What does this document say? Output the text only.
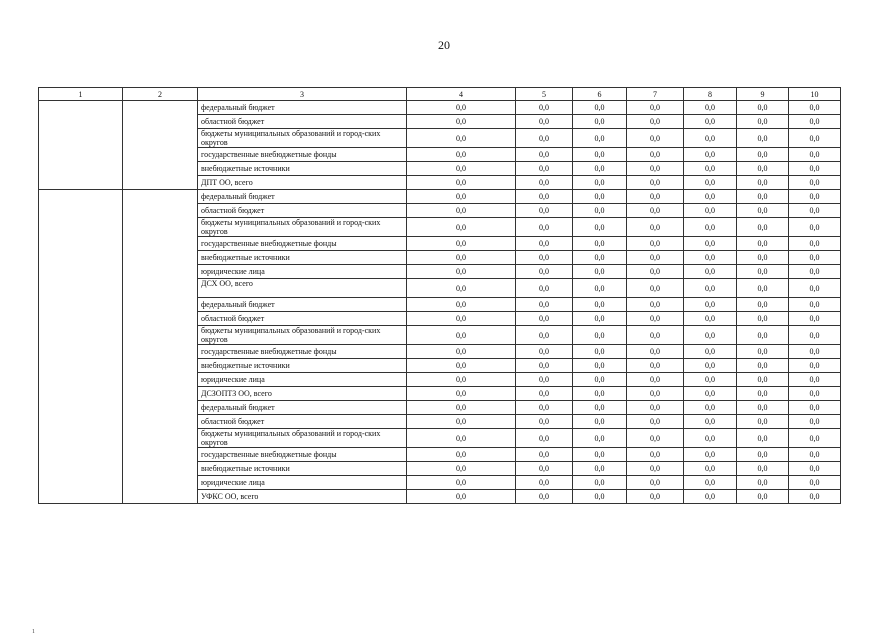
20
1	2	3	4	5	6	7	8	9	10
		федеральный бюджет	0,0	0,0	0,0	0,0	0,0	0,0	0,0
		областной бюджет	0,0	0,0	0,0	0,0	0,0	0,0	0,0
		бюджеты муниципальных образований и город-ских округов	0,0	0,0	0,0	0,0	0,0	0,0	0,0
		государственные внебюджетные фонды	0,0	0,0	0,0	0,0	0,0	0,0	0,0
		внебюджетные источники	0,0	0,0	0,0	0,0	0,0	0,0	0,0
		ДПТ ОО, всего	0,0	0,0	0,0	0,0	0,0	0,0	0,0
		федеральный бюджет	0,0	0,0	0,0	0,0	0,0	0,0	0,0
		областной бюджет	0,0	0,0	0,0	0,0	0,0	0,0	0,0
		бюджеты муниципальных образований и город-ских округов	0,0	0,0	0,0	0,0	0,0	0,0	0,0
		государственные внебюджетные фонды	0,0	0,0	0,0	0,0	0,0	0,0	0,0
		внебюджетные источники	0,0	0,0	0,0	0,0	0,0	0,0	0,0
		юридические лица	0,0	0,0	0,0	0,0	0,0	0,0	0,0
		ДСХ ОО, всего	0,0	0,0	0,0	0,0	0,0	0,0	0,0
		федеральный бюджет	0,0	0,0	0,0	0,0	0,0	0,0	0,0
		областной бюджет	0,0	0,0	0,0	0,0	0,0	0,0	0,0
		бюджеты муниципальных образований и город-ских округов	0,0	0,0	0,0	0,0	0,0	0,0	0,0
		государственные внебюджетные фонды	0,0	0,0	0,0	0,0	0,0	0,0	0,0
		внебюджетные источники	0,0	0,0	0,0	0,0	0,0	0,0	0,0
		юридические лица	0,0	0,0	0,0	0,0	0,0	0,0	0,0
		ДСЗОПТЗ ОО, всего	0,0	0,0	0,0	0,0	0,0	0,0	0,0
		федеральный бюджет	0,0	0,0	0,0	0,0	0,0	0,0	0,0
		областной бюджет	0,0	0,0	0,0	0,0	0,0	0,0	0,0
		бюджеты муниципальных образований и город-ских округов	0,0	0,0	0,0	0,0	0,0	0,0	0,0
		государственные внебюджетные фонды	0,0	0,0	0,0	0,0	0,0	0,0	0,0
		внебюджетные источники	0,0	0,0	0,0	0,0	0,0	0,0	0,0
		юридические лица	0,0	0,0	0,0	0,0	0,0	0,0	0,0
		УФКС ОО, всего	0,0	0,0	0,0	0,0	0,0	0,0	0,0
1
